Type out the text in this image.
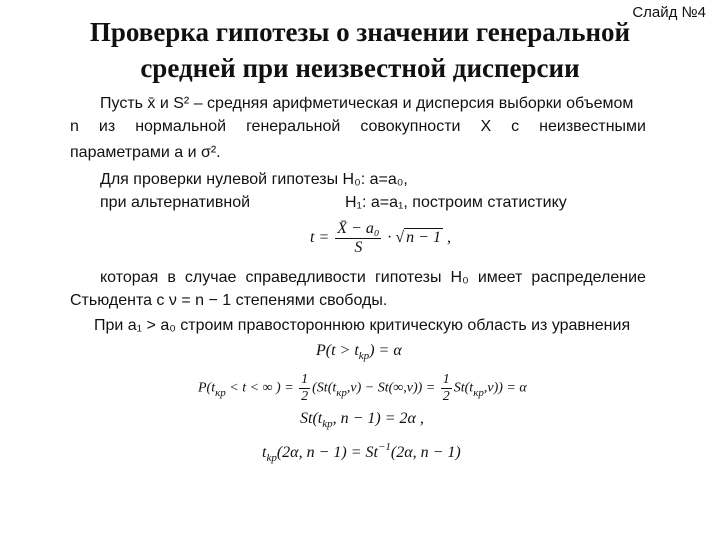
Слайд №4
Проверка гипотезы о значении генеральной
средней при неизвестной дисперсии
Пусть x̄ и S² – средняя арифметическая и дисперсия выборки объемом
n из нормальной генеральной совокупности X с неизвестными
параметрами a и σ².
Для проверки нулевой гипотезы H₀: a=a₀,
при альтернативной	H₁: a=a₁, построим статистику
$t = \frac{\text{X̄ − a₀}}{S}$ · √ n − 1 ,
которая в случае справедливости гипотезы H₀ имеет распределение
Стьюдента с ν = n − 1 степенями свободы.
При a₁ > a₀ строим правостороннюю критическую область из уравнения
$P(t > t_{kp}) = \alpha$
$P(t_{кр} < t$ < ∞ ) = $\frac{1}{2} (St(t_{кр},\nu) - St(\infty,\nu)) = \frac{1}{2} St(t_{кр},\nu)) = \alpha$
$St(t_{kp}$, n − 1) = 2α ,
$t_{kp}(2\alpha$, $n - 1) = St^{-1}(2\alpha$, n − 1)
